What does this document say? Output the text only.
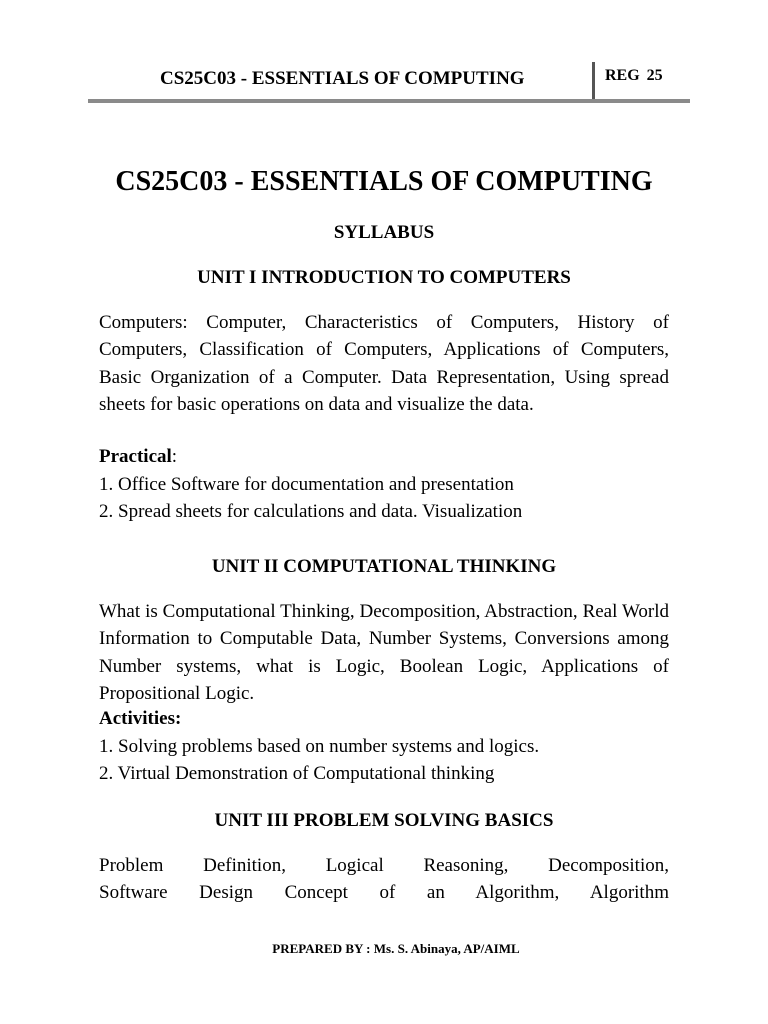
CS25C03 - ESSENTIALS OF COMPUTING	REG 25
CS25C03 - ESSENTIALS OF COMPUTING
SYLLABUS
UNIT I INTRODUCTION TO COMPUTERS

Computers: Computer, Characteristics of Computers, History of Computers, Classification of Computers, Applications of Computers, Basic Organization of a Computer. Data Representation, Using spread sheets for basic operations on data and visualize the data.

Practical:

1. Office Software for documentation and presentation

2. Spread sheets for calculations and data. Visualization

UNIT II COMPUTATIONAL THINKING

What is Computational Thinking, Decomposition, Abstraction, Real World Information to Computable Data, Number Systems, Conversions among Number systems, what is Logic, Boolean Logic, Applications of Propositional Logic.

Activities:

1. Solving problems based on number systems and logics.

2. Virtual Demonstration of Computational thinking

UNIT III PROBLEM SOLVING BASICS

Problem Definition, Logical Reasoning, Decomposition,

Software Design Concept of an Algorithm, Algorithm

PREPARED BY : Ms. S. Abinaya, AP/AIML
